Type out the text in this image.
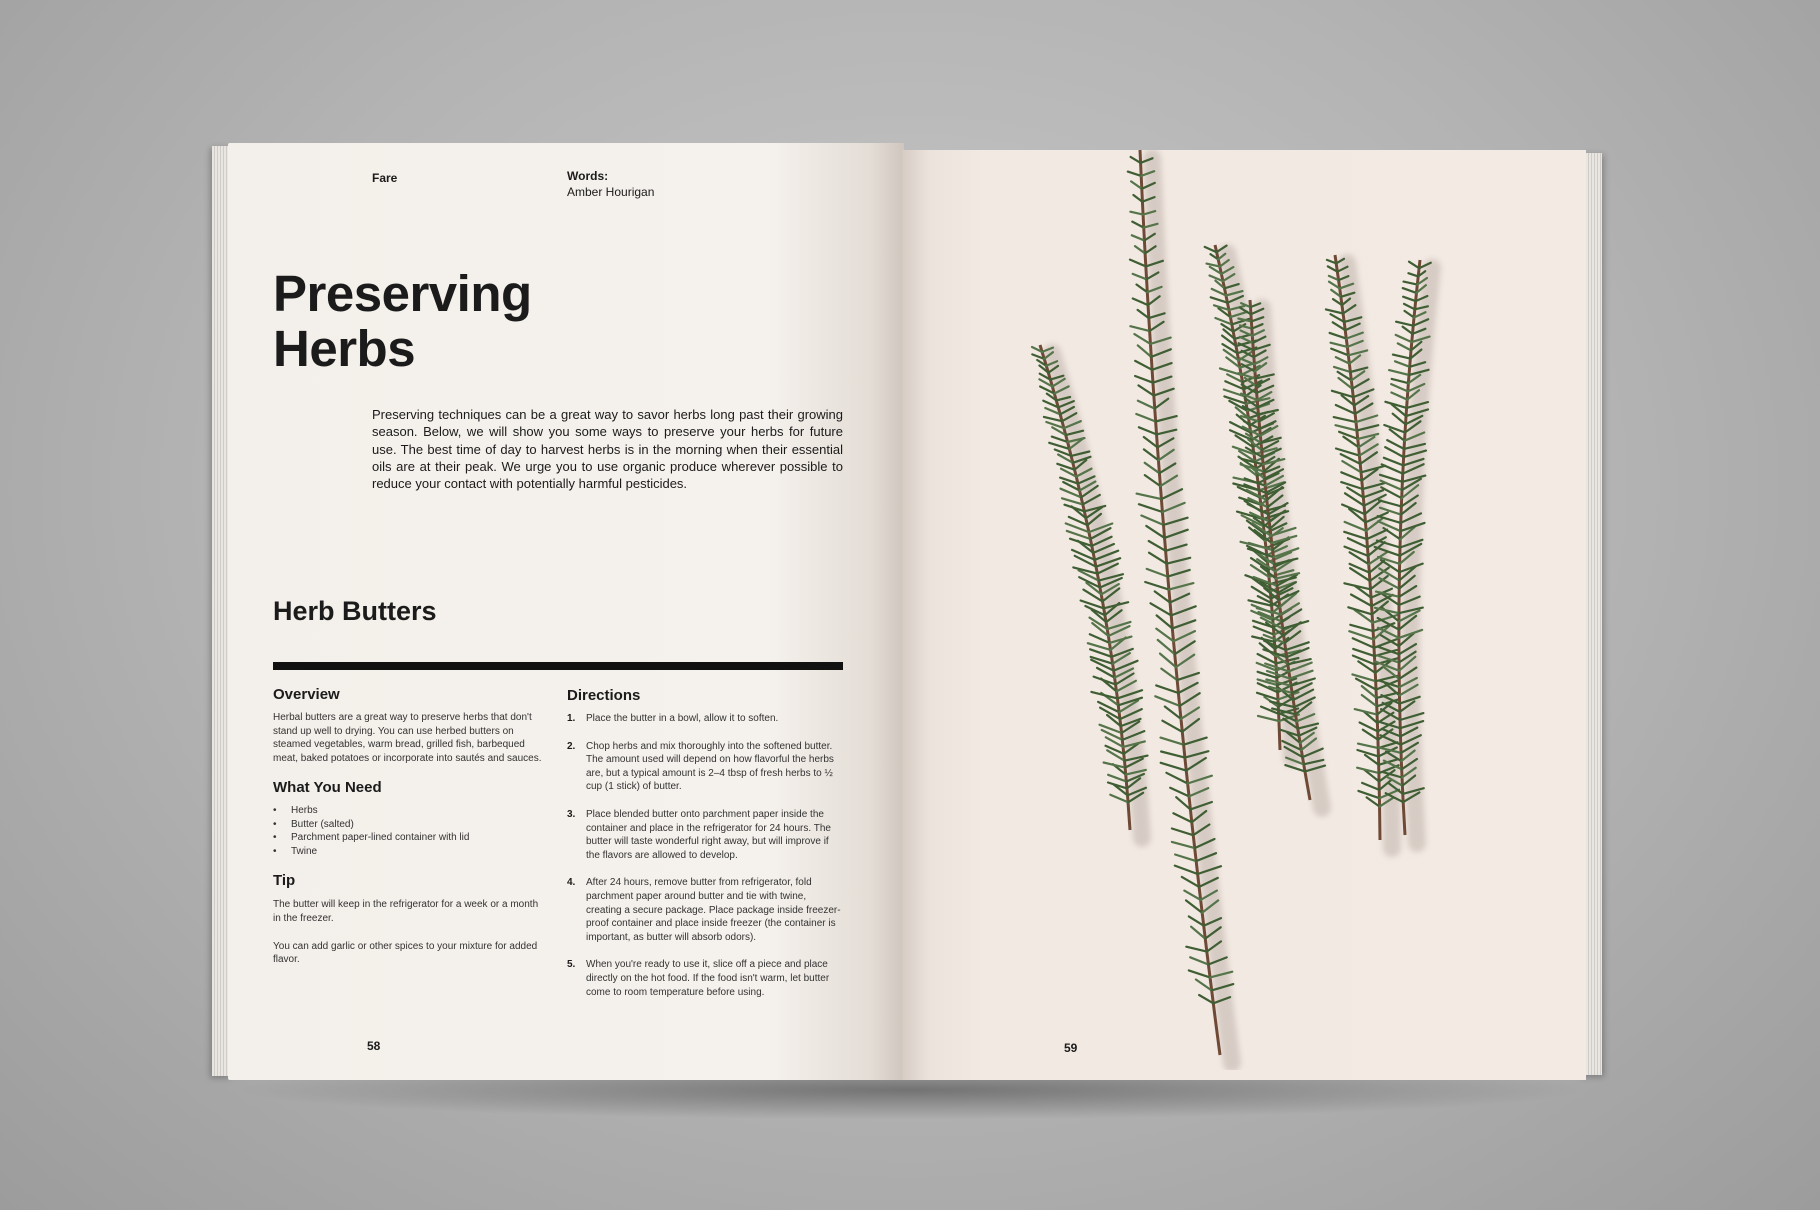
Fare	Words:
Amber Hourigan
Preserving
Herbs

Preserving techniques can be a great way to savor herbs long past their growing season. Below, we will show you some ways to preserve your herbs for future use. The best time of day to harvest herbs is in the morning when their essential oils are at their peak. We urge you to use organic produce wherever possible to reduce your contact with potentially harmful pesticides.

Herb Butters
Overview

Herbal butters are a great way to preserve herbs that don't stand up well to drying. You can use herbed butters on steamed vegetables, warm bread, grilled fish, barbequed meat, baked potatoes or incorporate into sautés and sauces.

What You Need
• Herbs
• Butter (salted)
• Parchment paper-lined container with lid
• Twine
Tip

The butter will keep in the refrigerator for a week or a month in the freezer.

You can add garlic or other spices to your mixture for added flavor.

Directions
1. Place the butter in a bowl, allow it to soften.
2. Chop herbs and mix thoroughly into the softened butter. The amount used will depend on how flavorful the herbs are, but a typical amount is 2–4 tbsp of fresh herbs to ½ cup (1 stick) of butter.
3. Place blended butter onto parchment paper inside the container and place in the refrigerator for 24 hours. The butter will taste wonderful right away, but will improve if the flavors are allowed to develop.
4. After 24 hours, remove butter from refrigerator, fold parchment paper around butter and tie with twine, creating a secure package. Place package inside freezer-proof container and place inside freezer (the container is important, as butter will absorb odors).
5. When you're ready to use it, slice off a piece and place directly on the hot food. If the food isn't warm, let butter come to room temperature before using.
58	59
